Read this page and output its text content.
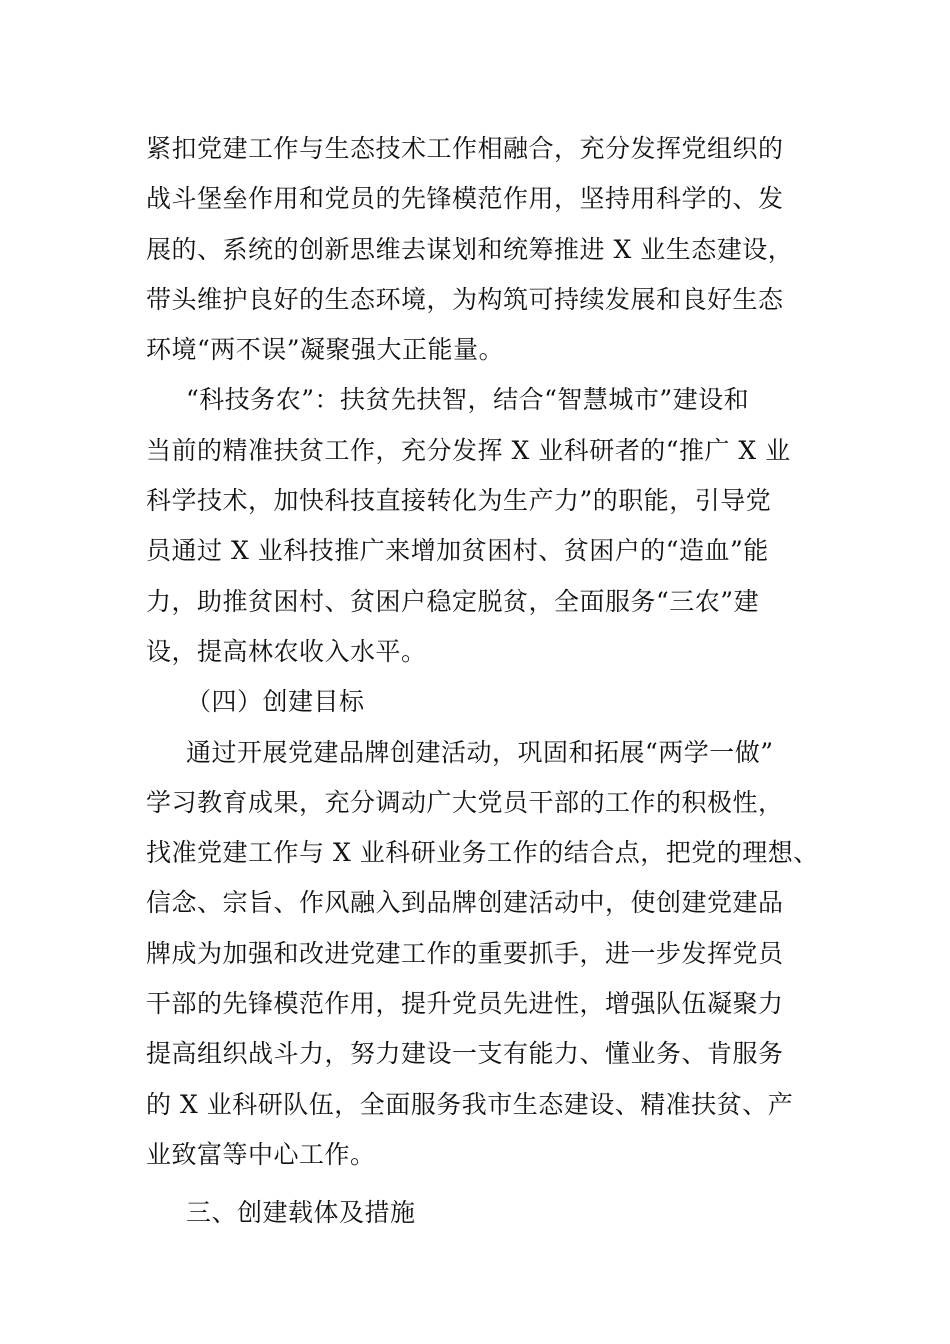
紧扣党建工作与生态技术工作相融合，充分发挥党组织的
战斗堡垒作用和党员的先锋模范作用，坚持用科学的、发
展的、系统的创新思维去谋划和统筹推进 X 业生态建设，
带头维护良好的生态环境，为构筑可持续发展和良好生态
环境“两不误”凝聚强大正能量。
“科技务农”：扶贫先扶智，结合“智慧城市”建设和
当前的精准扶贫工作，充分发挥 X 业科研者的“推广 X 业
科学技术，加快科技直接转化为生产力”的职能，引导党
员通过 X 业科技推广来增加贫困村、贫困户的“造血”能
力，助推贫困村、贫困户稳定脱贫，全面服务“三农”建
设，提高林农收入水平。
（四）创建目标
通过开展党建品牌创建活动，巩固和拓展“两学一做”
学习教育成果，充分调动广大党员干部的工作的积极性，
找准党建工作与 X 业科研业务工作的结合点，把党的理想、
信念、宗旨、作风融入到品牌创建活动中，使创建党建品
牌成为加强和改进党建工作的重要抓手，进一步发挥党员
干部的先锋模范作用，提升党员先进性，增强队伍凝聚力
提高组织战斗力，努力建设一支有能力、懂业务、肯服务
的 X 业科研队伍，全面服务我市生态建设、精准扶贫、产
业致富等中心工作。
三、创建载体及措施
